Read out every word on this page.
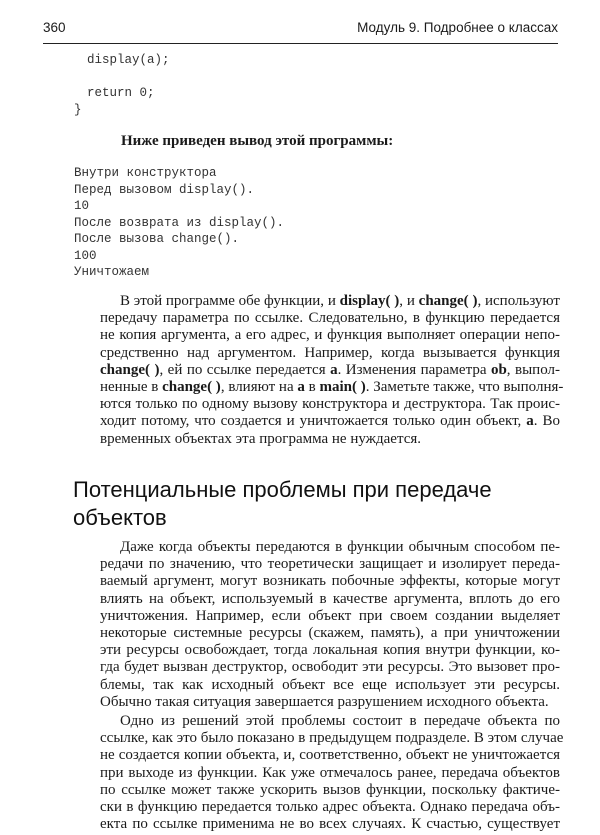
360	Модуль 9. Подробнее о классах
display(a);
return 0;
}
Ниже приведен вывод этой программы:
Внутри конструктора
Перед вызовом display().
10
После возврата из display().
После вызова change().
100
Уничтожаем
В этой программе обе функции, и display( ), и change( ), используют
передачу параметра по ссылке. Следовательно, в функцию передается
не копия аргумента, а его адрес, и функция выполняет операции непо-
средственно над аргументом. Например, когда вызывается функция
change( ), ей по ссылке передается a. Изменения параметра ob, выпол-
ненные в change( ), влияют на a в main( ). Заметьте также, что выполня-
ются только по одному вызову конструктора и деструктора. Так проис-
ходит потому, что создается и уничтожается только один объект, a. Во
временных объектах эта программа не нуждается.
Потенциальные проблемы при передаче
объектов
Даже когда объекты передаются в функции обычным способом пе-
редачи по значению, что теоретически защищает и изолирует переда-
ваемый аргумент, могут возникать побочные эффекты, которые могут
влиять на объект, используемый в качестве аргумента, вплоть до его
уничтожения. Например, если объект при своем создании выделяет
некоторые системные ресурсы (скажем, память), а при уничтожении
эти ресурсы освобождает, тогда локальная копия внутри функции, ко-
гда будет вызван деструктор, освободит эти ресурсы. Это вызовет про-
блемы, так как исходный объект все еще использует эти ресурсы.
Обычно такая ситуация завершается разрушением исходного объекта.
Одно из решений этой проблемы состоит в передаче объекта по
ссылке, как это было показано в предыдущем подразделе. В этом случае
не создается копии объекта, и, соответственно, объект не уничтожается
при выходе из функции. Как уже отмечалось ранее, передача объектов
по ссылке может также ускорить вызов функции, поскольку фактиче-
ски в функцию передается только адрес объекта. Однако передача объ-
екта по ссылке применима не во всех случаях. К счастью, существует
